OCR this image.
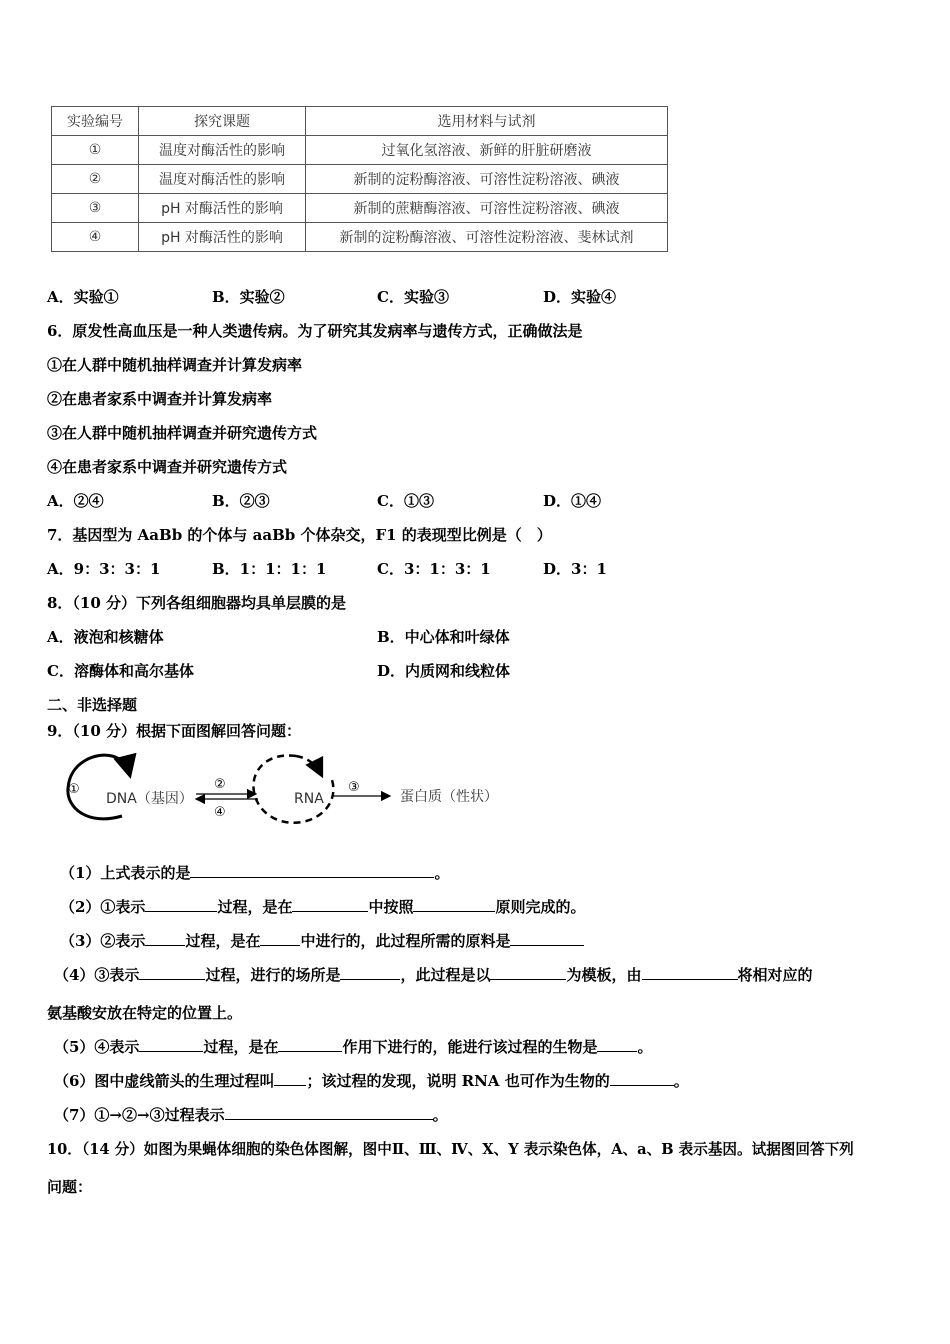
实验编号	探究课题	选用材料与试剂
①	温度对酶活性的影响	过氧化氢溶液、新鲜的肝脏研磨液
②	温度对酶活性的影响	新制的淀粉酶溶液、可溶性淀粉溶液、碘液
③	pH 对酶活性的影响	新制的蔗糖酶溶液、可溶性淀粉溶液、碘液
④	pH 对酶活性的影响	新制的淀粉酶溶液、可溶性淀粉溶液、斐林试剂
A．实验①	B．实验②	C．实验③	D．实验④
6．原发性高血压是一种人类遗传病。为了研究其发病率与遗传方式，正确做法是
①在人群中随机抽样调查并计算发病率
②在患者家系中调查并计算发病率
③在人群中随机抽样调查并研究遗传方式
④在患者家系中调查并研究遗传方式
A．②④	B．②③	C．①③	D．①④
7．基因型为 AaBb 的个体与 aaBb 个体杂交，F1 的表现型比例是（　）
A．9：3：3：1	B．1：1：1：1	C．3：1：3：1	D．3：1
8．（10 分）下列各组细胞器均具单层膜的是
A．液泡和核糖体	B．中心体和叶绿体
C．溶酶体和高尔基体	D．内质网和线粒体
二、非选择题
9．（10 分）根据下面图解回答问题：
①
DNA（基因）
②
④
RNA
③
蛋白质（性状）
（1）上式表示的是	。
（2）①表示	过程，是在	中按照	原则完成的。
（3）②表示	过程，是在	中进行的，此过程所需的原料是
（4）③表示	过程，进行的场所是	，此过程是以	为模板，由	将相对应的
氨基酸安放在特定的位置上。
（5）④表示	过程，是在	作用下进行的，能进行该过程的生物是	。
（6）图中虚线箭头的生理过程叫 ；该过程的发现，说明 RNA 也可作为生物的	。
（7）①→②→③过程表示	。
10．（14 分）如图为果蝇体细胞的染色体图解，图中Ⅱ、Ⅲ、Ⅳ、X、Y 表示染色体，A、a、B 表示基因。试据图回答下列
问题：
